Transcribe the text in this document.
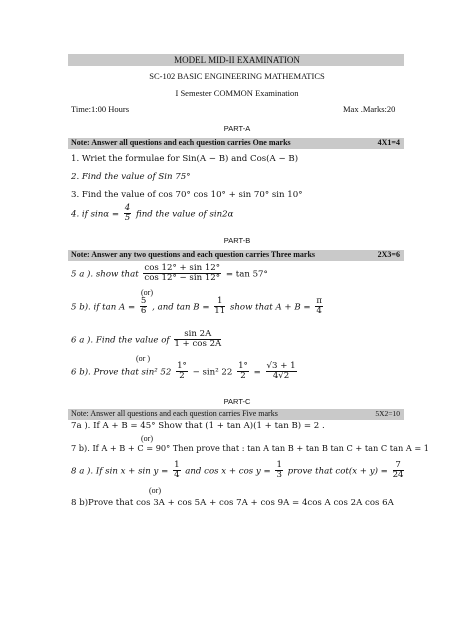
MODEL MID-II EXAMINATION
SC-102 BASIC ENGINEERING MATHEMATICS
I Semester COMMON Examination
Time:1:00 Hours	Max .Marks:20
PART-A
Note: Answer all questions and each question carries One marks	4X1=4
1. Wriet the formulae for Sin(A − B) and Cos(A − B)
2. Find the value of Sin 75°
3. Find the value of cos 70° cos 10° + sin 70° sin 10°
4. if $\sin\alpha = \frac{4}{5}$ find the value of sin2α
PART-B
Note: Answer any two questions and each question carries Three marks	2X3=6
5 a ). show that $\frac{\cos 12^\circ + \sin 12^\circ}{\cos 12^\circ - \sin 12^\circ} = \tan 57^\circ$
(or)
5 b). if $\tan A = \frac{5}{6}$ , and $\tan B = \frac{1}{11}$ show that $A + B = \frac{\pi}{4}$
6 a ). Find the value of $\frac{\sin 2A}{1 + \cos 2A}$
(or )
6 b). Prove that sin² $52 \frac{1^\circ}{2} - \sin^2$ $22 \frac{1^\circ}{2} = \frac{√3 + 1}{4√2}$
PART-C
Note: Answer all questions and each question carries Five marks	5X2=10
7a ). If A + B = 45° Show that (1 + tan A)(1 + tan B) = 2 .
(or)
7 b). If A + B + C = 90° Then prove that : tan A tan B + tan B tan C + tan C tan A = 1
8 a ). If $\sin x + \sin y = \frac{1}{4}$ and $\cos x + \cos y = \frac{1}{3}$ prove that $\cot(x + y) = \frac{7}{24}$
(or)
8 b)Prove that cos 3A + cos 5A + cos 7A + cos 9A = 4cos A cos 2A cos 6A
